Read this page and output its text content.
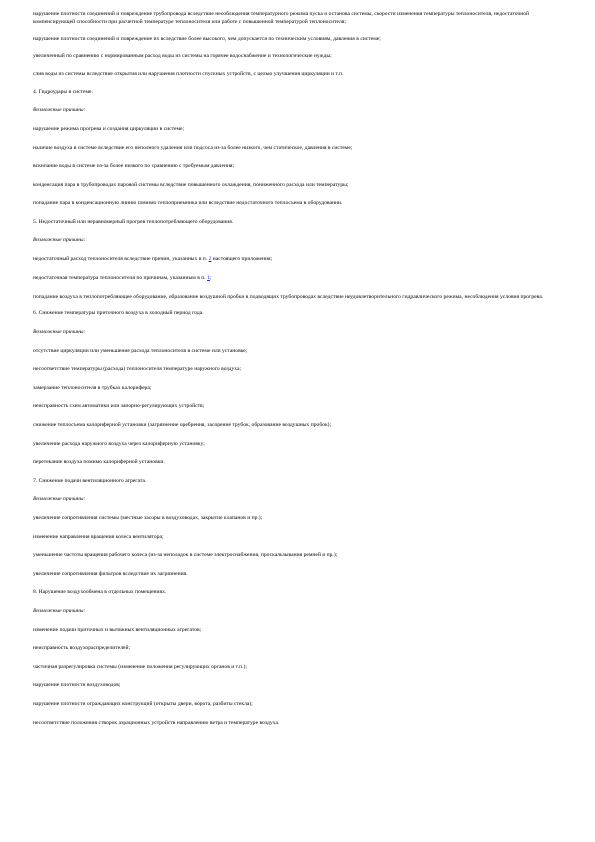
нарушение плотности соединений и повреждение трубопровода вследствие несоблюдения температурного режима пуска и останова системы, скорости изменения температуры теплоносителя, недостаточной компенсирующей способности при расчетной температуре теплоносителя или работе с повышенной температурой теплоносителя;
нарушение плотности соединений и повреждение их вследствие более высокого, чем допускается по техническим условиям, давления в системе;
увеличенный по сравнению с нормированным расход воды из системы на горячее водоснабжение и технологические нужды;
слив воды из системы вследствие открытия или нарушения плотности спускных устройств, с целью улучшения циркуляции и т.п.
4. Гидроудары в системе.
Возможные причины:
нарушение режима прогрева и создания циркуляции в системе;
наличие воздуха в системе вследствие его неполного удаления или подсоса из-за более низкого, чем статическое, давления в системе;
вскипание воды в системе из-за более низкого по сравнению с требуемым давления;
конденсация пара в трубопроводах паровой системы вследствие повышенного охлаждения, пониженного расхода или температуры;
попадание пара в конденсационную линию помимо теплоприемника или вследствие недостаточного теплосъема в оборудовании.
5. Недостаточный или неравномерный прогрев теплопотребляющего оборудования.
Возможные причины:
недостаточный расход теплоносителя вследствие причин, указанных в п. 2 настоящего приложения;
недостаточная температура теплоносителя по причинам, указанным в п. 1;
попадание воздуха в теплопотребляющее оборудование, образование воздушной пробки в подводящих трубопроводах вследствие неудовлетворительного гидравлического режима, несоблюдения условия прогрева.
6. Снижение температуры приточного воздуха в холодный период года.
Возможные причины:
отсутствие циркуляции или уменьшение расхода теплоносителя в системе или установке;
несоответствие температуры (расхода) теплоносителя температуре наружного воздуха;
замерзание теплоносителя в трубках калорифера;
неисправность схем автоматики или запорно-регулирующих устройств;
снижение теплосъема калориферной установки (загрязнение оребрения, засорение трубок, образование воздушных пробок);
увеличение расхода наружного воздуха через калориферную установку;
перетекание воздуха помимо калориферной установки.
7. Снижение подачи вентиляционного агрегата.
Возможные причины:
увеличение сопротивления системы (местные засоры в воздуховодах, закрытие клапанов и пр.);
изменение направления вращения колеса вентилятора;
уменьшение частоты вращения рабочего колеса (из-за неполадок в системе электроснабжения, проскальзывания ремней и пр.);
увеличение сопротивления фильтров вследствие их загрязнения.
8. Нарушение воздухообмена в отдельных помещениях.
Возможные причины:
изменение подачи приточных и вытяжных вентиляционных агрегатов;
неисправность воздухораспределителей;
частичная разрегулировка системы (изменение положения регулирующих органов и т.п.);
нарушение плотности воздуховодов;
нарушение плотности ограждающих конструкций (открыты двери, ворота, разбиты стекла);
несоответствие положения створок аэрационных устройств направлению ветра и температуре воздуха.
